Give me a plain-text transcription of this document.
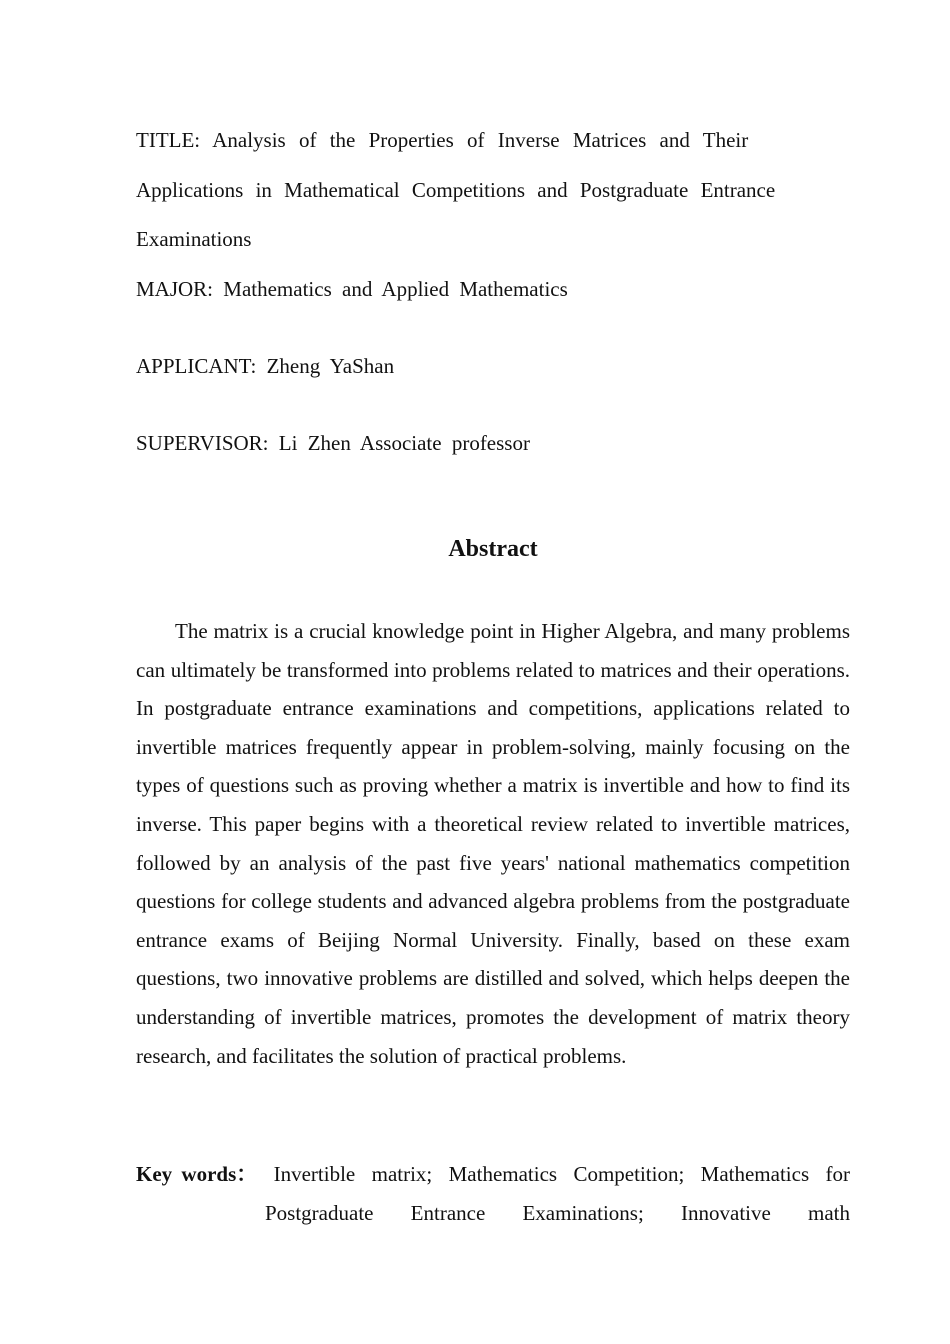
TITLE: Analysis of the Properties of Inverse Matrices and Their
Applications in Mathematical Competitions and Postgraduate Entrance
Examinations
MAJOR: Mathematics and Applied Mathematics
APPLICANT: Zheng YaShan
SUPERVISOR: Li Zhen Associate professor
Abstract
The matrix is a crucial knowledge point in Higher Algebra, and many problems can ultimately be transformed into problems related to matrices and their operations. In postgraduate entrance examinations and competitions, applications related to invertible matrices frequently appear in problem-solving, mainly focusing on the types of questions such as proving whether a matrix is invertible and how to find its inverse. This paper begins with a theoretical review related to invertible matrices, followed by an analysis of the past five years' national mathematics competition questions for college students and advanced algebra problems from the postgraduate entrance exams of Beijing Normal University. Finally, based on these exam questions, two innovative problems are distilled and solved, which helps deepen the understanding of invertible matrices, promotes the development of matrix theory research, and facilitates the solution of practical problems.
Key words： Invertible matrix; Mathematics Competition; Mathematics for
Postgraduate Entrance Examinations; Innovative math
